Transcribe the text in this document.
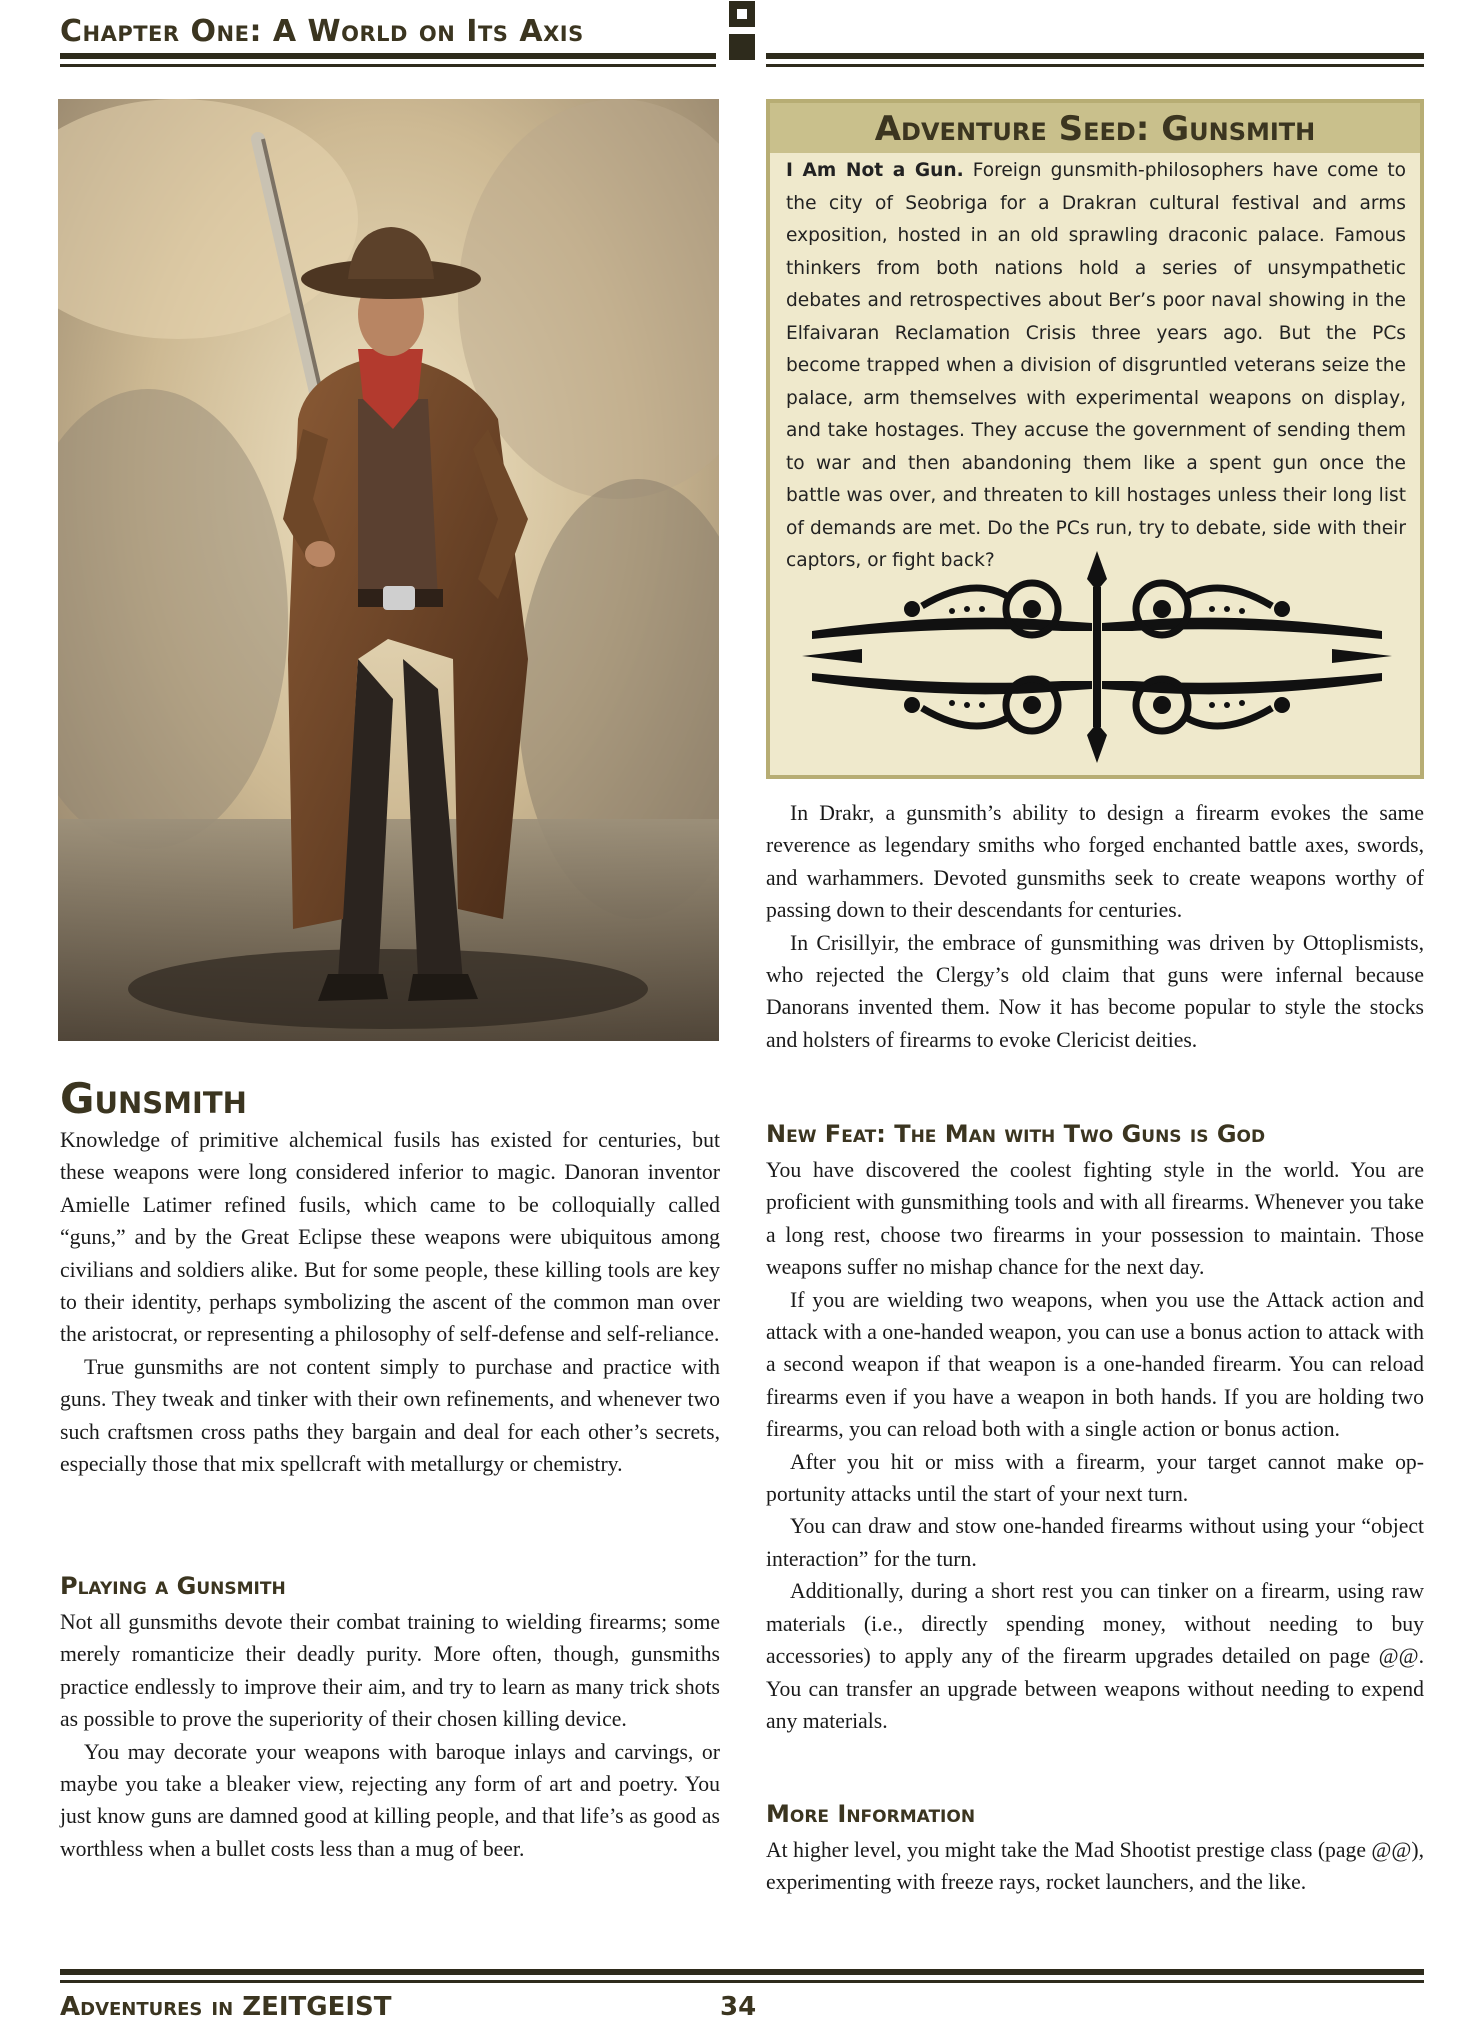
Chapter One: A World on Its Axis
Adventure Seed: Gunsmith
I Am Not a Gun. Foreign gunsmith-philosophers have come to the city of Seobriga for a Drakran cultural festival and arms exposition, hosted in an old sprawling draconic palace. Famous thinkers from both nations hold a series of unsympathetic debates and retrospectives about Ber’s poor naval showing in the Elfaivaran Reclamation Crisis three years ago. But the PCs become trapped when a division of disgruntled veterans seize the palace, arm themselves with experimental weapons on display, and take hostages. They accuse the government of sending them to war and then abandoning them like a spent gun once the battle was over, and threaten to kill hostages unless their long list of demands are met. Do the PCs run, try to debate, side with their captors, or fight back?
Gunsmith

Knowledge of primitive alchemical fusils has existed for centuries, but these weapons were long considered inferior to magic. Danoran inventor Amielle Latimer refined fusils, which came to be colloquially called “guns,” and by the Great Eclipse these weapons were ubiquitous among civilians and soldiers alike. But for some people, these killing tools are key to their identity, perhaps symbolizing the ascent of the common man over the aristocrat, or representing a philosophy of self-defense and self-reliance.

True gunsmiths are not content simply to purchase and practice with guns. They tweak and tinker with their own refinements, and whenever two such craftsmen cross paths they bargain and deal for each other’s secrets, especially those that mix spellcraft with metallurgy or chemistry.

Playing a Gunsmith

Not all gunsmiths devote their combat training to wielding firearms; some merely romanticize their deadly purity. More often, though, gunsmiths practice endlessly to improve their aim, and try to learn as many trick shots as possible to prove the superiority of their chosen killing device.

You may decorate your weapons with baroque inlays and carvings, or maybe you take a bleaker view, rejecting any form of art and poetry. You just know guns are damned good at killing people, and that life’s as good as worthless when a bullet costs less than a mug of beer.

In Drakr, a gunsmith’s ability to design a firearm evokes the same reverence as legendary smiths who forged enchanted battle axes, swords, and warhammers. Devoted gunsmiths seek to create weapons worthy of passing down to their descendants for centuries.

In Crisillyir, the embrace of gunsmithing was driven by Ottoplismists, who rejected the Clergy’s old claim that guns were infernal because Danorans invented them. Now it has become popular to style the stocks and holsters of firearms to evoke Clericist deities.

New Feat: The Man with Two Guns is God

You have discovered the coolest fighting style in the world. You are proficient with gunsmithing tools and with all firearms. Whenever you take a long rest, choose two firearms in your possession to maintain. Those weapons suffer no mishap chance for the next day.

If you are wielding two weapons, when you use the Attack action and attack with a one-handed weapon, you can use a bonus action to attack with a second weapon if that weapon is a one-handed firearm. You can reload firearms even if you have a weapon in both hands. If you are holding two firearms, you can reload both with a single action or bonus action.

After you hit or miss with a firearm, your target cannot make opportunity attacks until the start of your next turn.

You can draw and stow one-handed firearms without using your “object interaction” for the turn.

Additionally, during a short rest you can tinker on a firearm, using raw materials (i.e., directly spending money, without needing to buy accessories) to apply any of the firearm upgrades detailed on page @@. You can transfer an upgrade between weapons without needing to expend any materials.

More Information

At higher level, you might take the Mad Shootist prestige class (page @@), experimenting with freeze rays, rocket launchers, and the like.

Adventures in ZEITGEIST	34
